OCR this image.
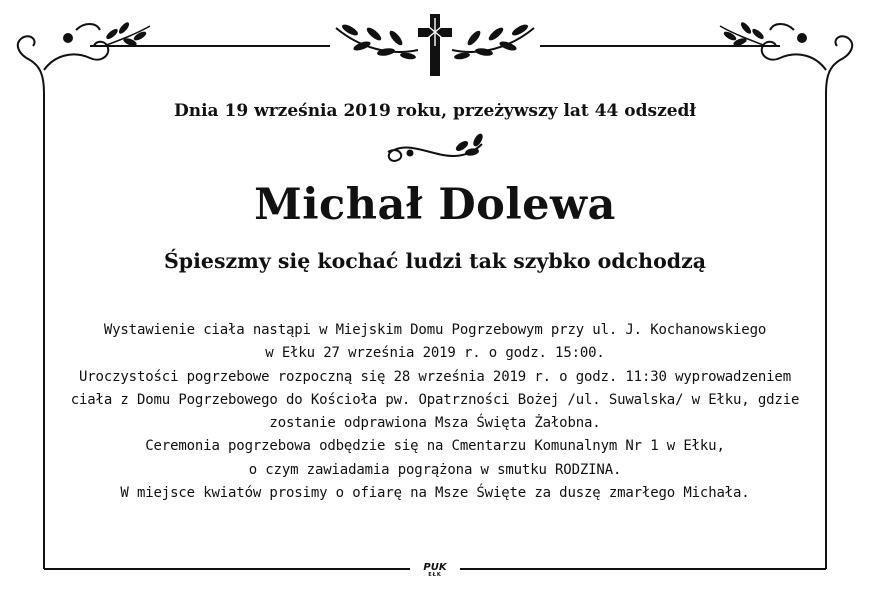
Dnia 19 września 2019 roku, przeżywszy lat 44 odszedł
Michał Dolewa
Śpieszmy się kochać ludzi tak szybko odchodzą
Wystawienie ciała nastąpi w Miejskim Domu Pogrzebowym przy ul. J. Kochanowskiego
w Ełku 27 września 2019 r. o godz. 15:00.
Uroczystości pogrzebowe rozpoczną się 28 września 2019 r. o godz. 11:30 wyprowadzeniem
ciała z Domu Pogrzebowego do Kościoła pw. Opatrzności Bożej /ul. Suwalska/ w Ełku, gdzie
zostanie odprawiona Msza Święta Żałobna.
Ceremonia pogrzebowa odbędzie się na Cmentarzu Komunalnym Nr 1 w Ełku,
o czym zawiadamia pogrążona w smutku RODZINA.
W miejsce kwiatów prosimy o ofiarę na Msze Święte za duszę zmarłego Michała.
PUK
EŁK
